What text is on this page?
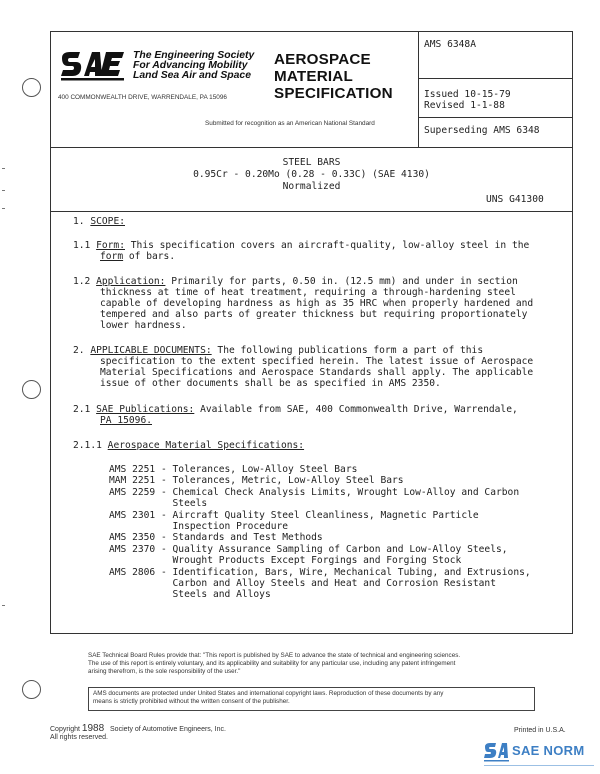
The Engineering Society
For Advancing Mobility
Land Sea Air and Space
400 COMMONWEALTH DRIVE, WARRENDALE, PA 15096
AEROSPACE
MATERIAL
SPECIFICATION
Submitted for recognition as an American National Standard
AMS 6348A
Issued 10-15-79
Revised 1-1-88
Superseding AMS 6348
STEEL BARS
0.95Cr - 0.20Mo (0.28 - 0.33C) (SAE 4130)
Normalized
UNS G41300
1. SCOPE:
1.1 Form: This specification covers an aircraft-quality, low-alloy steel in the
form of bars.
1.2 Application: Primarily for parts, 0.50 in. (12.5 mm) and under in section
thickness at time of heat treatment, requiring a through-hardening steel
capable of developing hardness as high as 35 HRC when properly hardened and
tempered and also parts of greater thickness but requiring proportionately
lower hardness.
2. APPLICABLE DOCUMENTS: The following publications form a part of this
specification to the extent specified herein. The latest issue of Aerospace
Material Specifications and Aerospace Standards shall apply. The applicable
issue of other documents shall be as specified in AMS 2350.
2.1 SAE Publications: Available from SAE, 400 Commonwealth Drive, Warrendale,
PA 15096.
2.1.1 Aerospace Material Specifications:
AMS 2251 - Tolerances, Low-Alloy Steel Bars
MAM 2251 - Tolerances, Metric, Low-Alloy Steel Bars
AMS 2259 - Chemical Check Analysis Limits, Wrought Low-Alloy and Carbon
Steels
AMS 2301 - Aircraft Quality Steel Cleanliness, Magnetic Particle
Inspection Procedure
AMS 2350 - Standards and Test Methods
AMS 2370 - Quality Assurance Sampling of Carbon and Low-Alloy Steels,
Wrought Products Except Forgings and Forging Stock
AMS 2806 - Identification, Bars, Wire, Mechanical Tubing, and Extrusions,
Carbon and Alloy Steels and Heat and Corrosion Resistant
Steels and Alloys
SAE Technical Board Rules provide that: "This report is published by SAE to advance the state of technical and engineering sciences.
The use of this report is entirely voluntary, and its applicability and suitability for any particular use, including any patent infringement
arising therefrom, is the sole responsibility of the user."
AMS documents are protected under United States and international copyright laws. Reproduction of these documents by any
means is strictly prohibited without the written consent of the publisher.
Copyright 1988 Society of Automotive Engineers, Inc.
All rights reserved.
Printed in U.S.A.
SAE NORM
